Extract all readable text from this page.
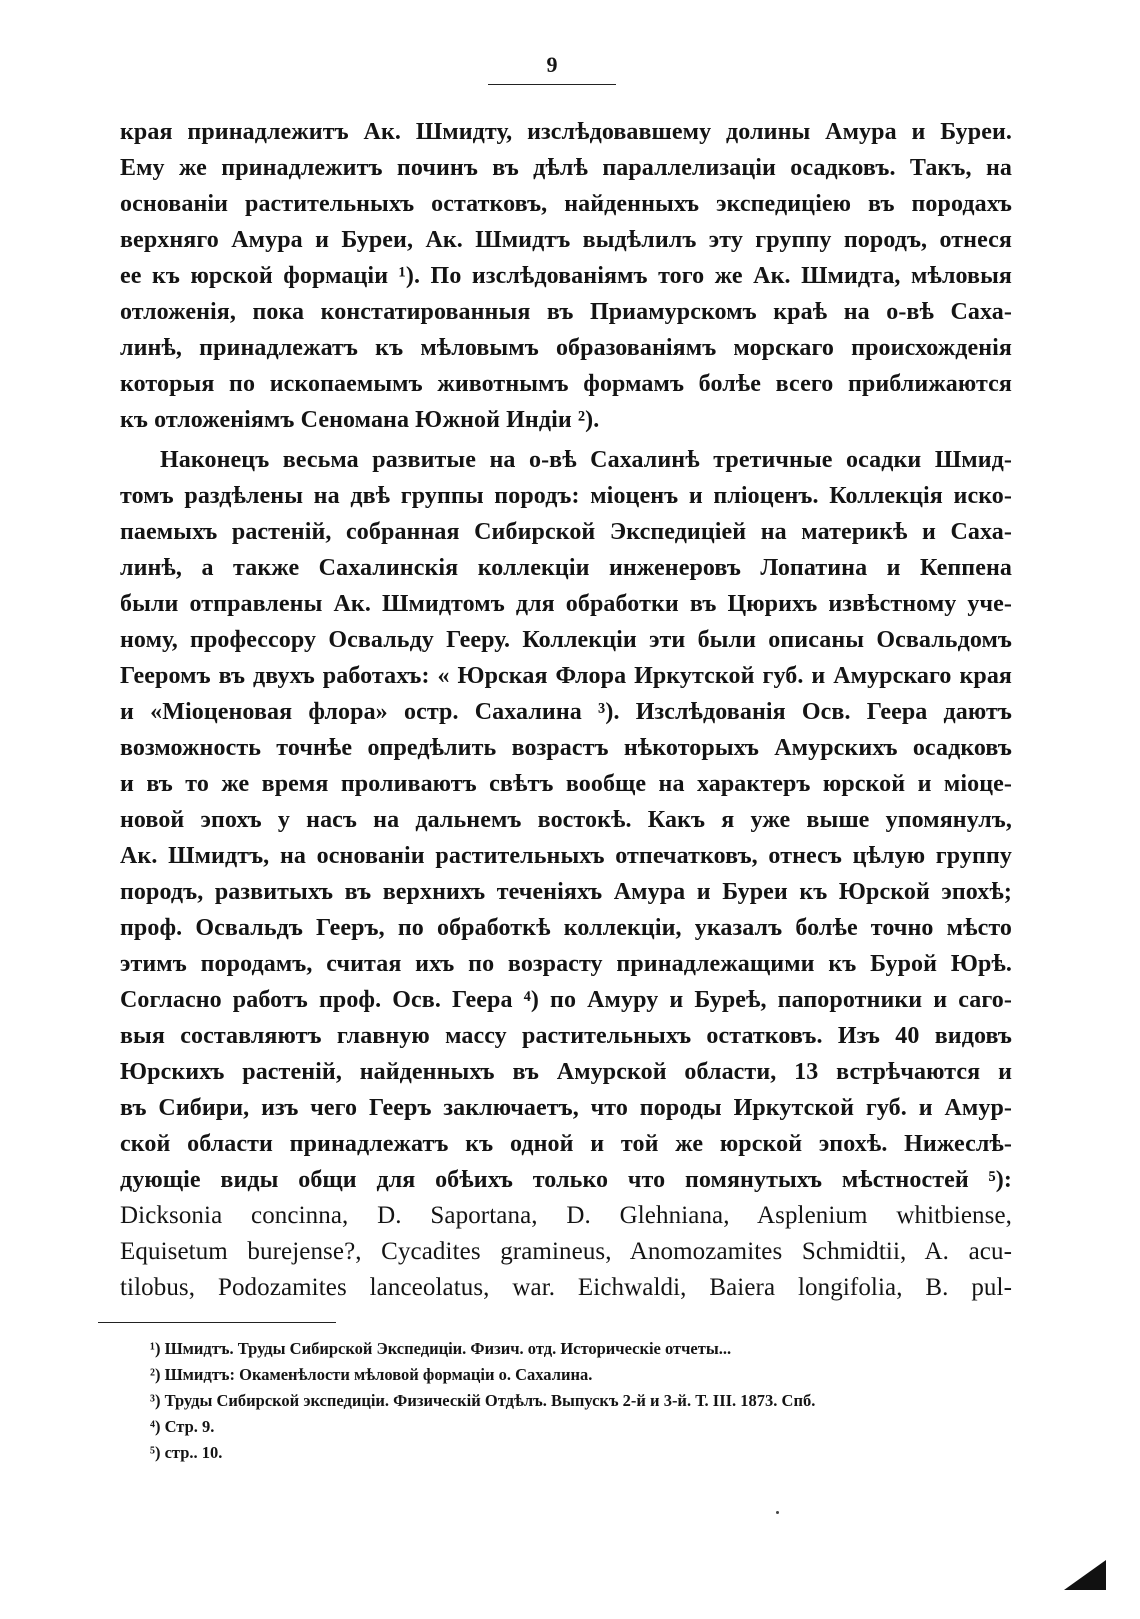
9
края принадлежитъ Ак. Шмидту, изслѣдовавшему долины Амура и Буреи.
Ему же принадлежитъ починъ въ дѣлѣ параллелизаціи осадковъ. Такъ, на
основаніи растительныхъ остатковъ, найденныхъ экспедиціею въ породахъ
верхняго Амура и Буреи, Ак. Шмидтъ выдѣлилъ эту группу породъ, отнеся
ее къ юрской формаціи ¹). По изслѣдованіямъ того же Ак. Шмидта, мѣловыя
отложенія, пока констатированныя въ Приамурскомъ краѣ на о-вѣ Саха-
линѣ, принадлежатъ къ мѣловымъ образованіямъ морскаго происхожденія
которыя по ископаемымъ животнымъ формамъ болѣе всего приближаются
къ отложеніямъ Сеномана Южной Индіи ²).
Наконецъ весьма развитые на о-вѣ Сахалинѣ третичные осадки Шмид-
томъ раздѣлены на двѣ группы породъ: міоценъ и пліоценъ. Коллекція иско-
паемыхъ растеній, собранная Сибирской Экспедиціей на материкѣ и Саха-
линѣ, а также Сахалинскія коллекціи инженеровъ Лопатина и Кеппена
были отправлены Ак. Шмидтомъ для обработки въ Цюрихъ извѣстному уче-
ному, профессору Освальду Гееру. Коллекціи эти были описаны Освальдомъ
Гееромъ въ двухъ работахъ: « Юрская Флора Иркутской губ. и Амурскаго края
и «Міоценовая флора» остр. Сахалина ³). Изслѣдованія Осв. Геера даютъ
возможность точнѣе опредѣлить возрастъ нѣкоторыхъ Амурскихъ осадковъ
и въ то же время проливаютъ свѣтъ вообще на характеръ юрской и міоце-
новой эпохъ у насъ на дальнемъ востокѣ. Какъ я уже выше упомянулъ,
Ак. Шмидтъ, на основаніи растительныхъ отпечатковъ, отнесъ цѣлую группу
породъ, развитыхъ въ верхнихъ теченіяхъ Амура и Буреи къ Юрской эпохѣ;
проф. Освальдъ Гееръ, по обработкѣ коллекціи, указалъ болѣе точно мѣсто
этимъ породамъ, считая ихъ по возрасту принадлежащими къ Бурой Юрѣ.
Согласно работъ проф. Осв. Геера ⁴) по Амуру и Буреѣ, папоротники и саго-
выя составляютъ главную массу растительныхъ остатковъ. Изъ 40 видовъ
Юрскихъ растеній, найденныхъ въ Амурской области, 13 встрѣчаются и
въ Сибири, изъ чего Гееръ заключаетъ, что породы Иркутской губ. и Амур-
ской области принадлежатъ къ одной и той же юрской эпохѣ. Нижеслѣ-
дующіе виды общи для обѣихъ только что помянутыхъ мѣстностей ⁵):
Dicksonia concinna, D. Saportana, D. Glehniana, Asplenium whitbiense,
Equisetum burejense?, Cycadites gramineus, Anomozamites Schmidtii, A. acu-
tilobus, Podozamites lanceolatus, war. Eichwaldi, Baiera longifolia, B. pul-
¹) Шмидтъ. Труды Сибирской Экспедиціи. Физич. отд. Историческіе отчеты...
²) Шмидтъ: Окаменѣлости мѣловой формаціи о. Сахалина.
³) Труды Сибирской экспедиціи. Физическій Отдѣлъ. Выпускъ 2-й и 3-й. Т. III. 1873. Спб.
⁴) Стр. 9.
⁵) стр.. 10.
